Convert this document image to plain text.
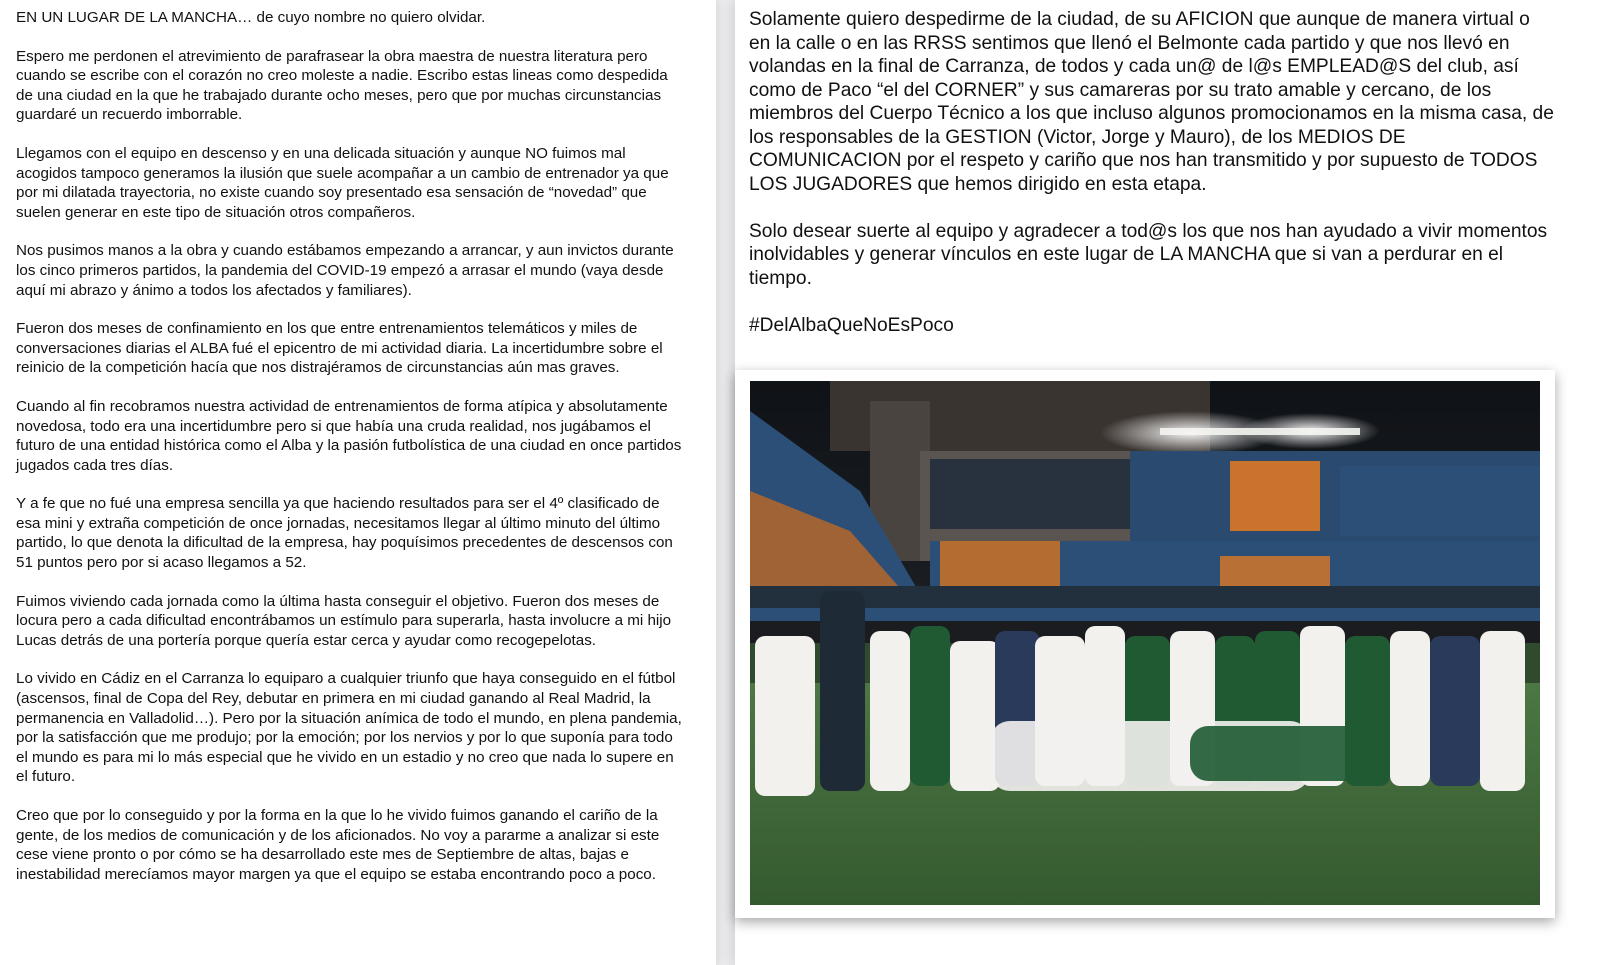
EN UN LUGAR DE LA MANCHA… de cuyo nombre no quiero olvidar.

Espero me perdonen el atrevimiento de parafrasear la obra maestra de nuestra literatura pero cuando se escribe con el corazón no creo moleste a nadie. Escribo estas lineas como despedida de una ciudad en la que he trabajado durante ocho meses, pero que por muchas circunstancias guardaré un recuerdo imborrable.

Llegamos con el equipo en descenso y en una delicada situación y aunque NO fuimos mal acogidos tampoco generamos la ilusión que suele acompañar a un cambio de entrenador ya que por mi dilatada trayectoria, no existe cuando soy presentado esa sensación de “novedad” que suelen generar en este tipo de situación otros compañeros.

Nos pusimos manos a la obra y cuando estábamos empezando a arrancar, y aun invictos durante los cinco primeros partidos, la pandemia del COVID-19 empezó a arrasar el mundo (vaya desde aquí mi abrazo y ánimo a todos los afectados y familiares).

Fueron dos meses de confinamiento en los que entre entrenamientos telemáticos y miles de conversaciones diarias el ALBA fué el epicentro de mi actividad diaria. La incertidumbre sobre el reinicio de la competición hacía que nos distrajéramos de circunstancias aún mas graves.

Cuando al fin recobramos nuestra actividad de entrenamientos de forma atípica y absolutamente novedosa, todo era una incertidumbre pero si que había una cruda realidad, nos jugábamos el futuro de una entidad histórica como el Alba y la pasión futbolística de una ciudad en once partidos jugados cada tres días.

Y a fe que no fué una empresa sencilla ya que haciendo resultados para ser el 4º clasificado de esa mini y extraña competición de once jornadas, necesitamos llegar al último minuto del último partido, lo que denota la dificultad de la empresa, hay poquísimos precedentes de descensos con 51 puntos pero por si acaso llegamos a 52.

Fuimos viviendo cada jornada como la última hasta conseguir el objetivo. Fueron dos meses de locura pero a cada dificultad encontrábamos un estímulo para superarla, hasta involucre a mi hijo Lucas detrás de una portería porque quería estar cerca y ayudar como recogepelotas.

Lo vivido en Cádiz en el Carranza lo equiparo a cualquier triunfo que haya conseguido en el fútbol (ascensos, final de Copa del Rey, debutar en primera en mi ciudad ganando al Real Madrid, la permanencia en Valladolid…). Pero por la situación anímica de todo el mundo, en plena pandemia, por la satisfacción que me produjo; por la emoción; por los nervios y por lo que suponía para todo el mundo es para mi lo más especial que he vivido en un estadio y no creo que nada lo supere en el futuro.

Creo que por lo conseguido y por la forma en la que lo he vivido fuimos ganando el cariño de la gente, de los medios de comunicación y de los aficionados. No voy a pararme a analizar si este cese viene pronto o por cómo se ha desarrollado este mes de Septiembre de altas, bajas e inestabilidad merecíamos mayor margen ya que el equipo se estaba encontrando poco a poco.

Solamente quiero despedirme de la ciudad, de su AFICION que aunque de manera virtual o en la calle o en las RRSS sentimos que llenó el Belmonte cada partido y que nos llevó en volandas en la final de Carranza, de todos y cada un@ de l@s EMPLEAD@S del club, así como de Paco “el del CORNER” y sus camareras por su trato amable y cercano, de los miembros del Cuerpo Técnico a los que incluso algunos promocionamos en la misma casa, de los responsables de la GESTION (Victor, Jorge y Mauro), de los MEDIOS DE COMUNICACION por el respeto y cariño que nos han transmitido y por supuesto de TODOS LOS JUGADORES que hemos dirigido en esta etapa.

Solo desear suerte al equipo y agradecer a tod@s los que nos han ayudado a vivir momentos inolvidables y generar vínculos en este lugar de LA MANCHA que si van a perdurar en el tiempo.

#DelAlbaQueNoEsPoco
